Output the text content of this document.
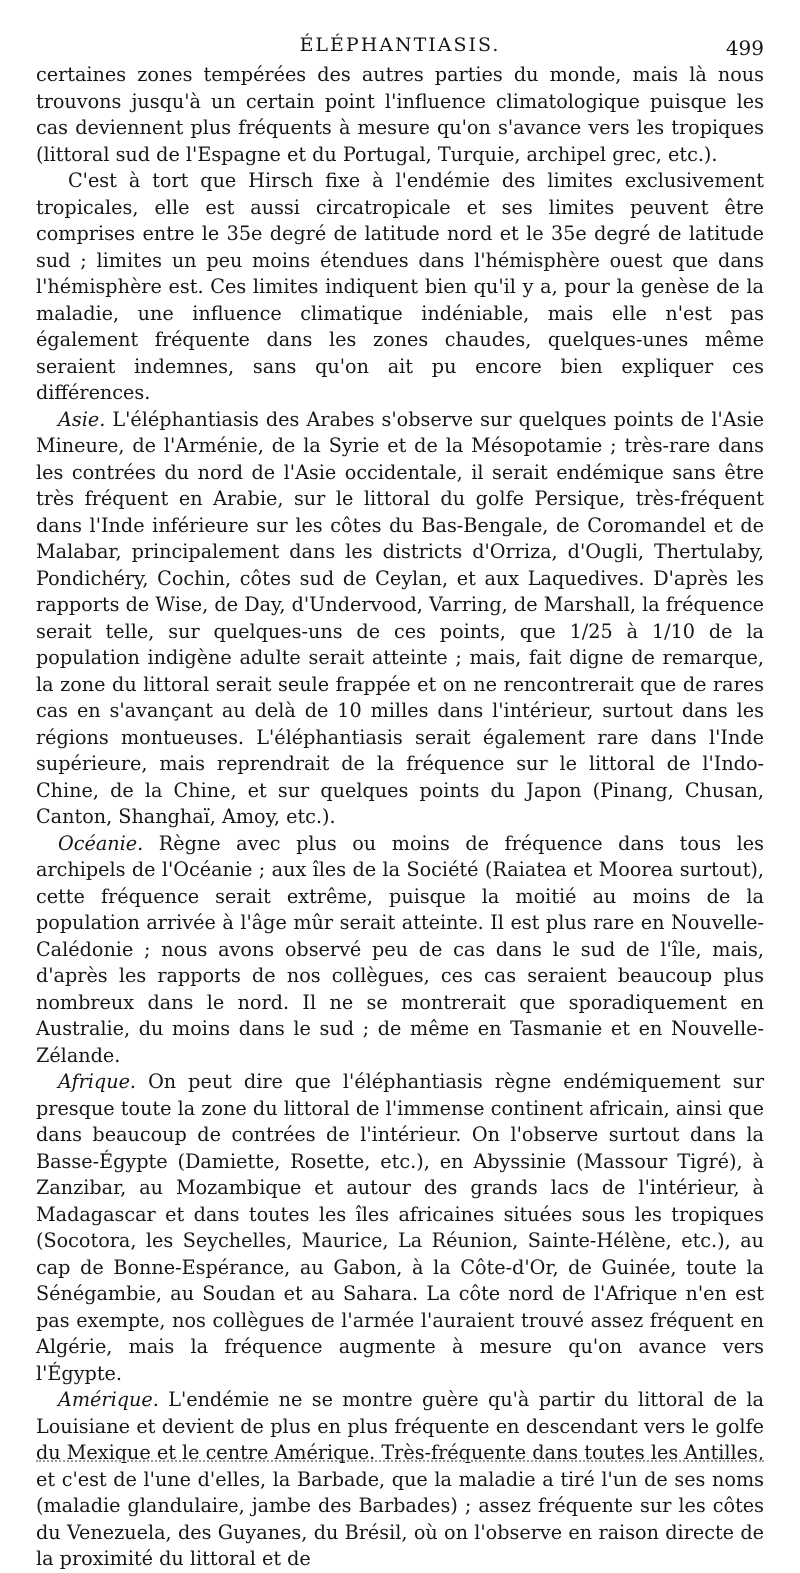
ÉLÉPHANTIASIS.	499

certaines zones tempérées des autres parties du monde, mais là nous trouvons jusqu'à un certain point l'influence climatologique puisque les cas deviennent plus fréquents à mesure qu'on s'avance vers les tropiques (littoral sud de l'Espagne et du Portugal, Turquie, archipel grec, etc.).

C'est à tort que Hirsch fixe à l'endémie des limites exclusivement tropicales, elle est aussi circatropicale et ses limites peuvent être comprises entre le 35e degré de latitude nord et le 35e degré de latitude sud ; limites un peu moins étendues dans l'hémisphère ouest que dans l'hémisphère est. Ces limites indiquent bien qu'il y a, pour la genèse de la maladie, une influence climatique indéniable, mais elle n'est pas également fréquente dans les zones chaudes, quelques-unes même seraient indemnes, sans qu'on ait pu encore bien expliquer ces différences.

Asie. L'éléphantiasis des Arabes s'observe sur quelques points de l'Asie Mineure, de l'Arménie, de la Syrie et de la Mésopotamie ; très-rare dans les contrées du nord de l'Asie occidentale, il serait endémique sans être très fréquent en Arabie, sur le littoral du golfe Persique, très-fréquent dans l'Inde inférieure sur les côtes du Bas-Bengale, de Coromandel et de Malabar, principalement dans les districts d'Orriza, d'Ougli, Thertulaby, Pondichéry, Cochin, côtes sud de Ceylan, et aux Laquedives. D'après les rapports de Wise, de Day, d'Undervood, Varring, de Marshall, la fréquence serait telle, sur quelques-uns de ces points, que 1/25 à 1/10 de la population indigène adulte serait atteinte ; mais, fait digne de remarque, la zone du littoral serait seule frappée et on ne rencontrerait que de rares cas en s'avançant au delà de 10 milles dans l'intérieur, surtout dans les régions montueuses. L'éléphantiasis serait également rare dans l'Inde supérieure, mais reprendrait de la fréquence sur le littoral de l'Indo-Chine, de la Chine, et sur quelques points du Japon (Pinang, Chusan, Canton, Shanghaï, Amoy, etc.).

Océanie. Règne avec plus ou moins de fréquence dans tous les archipels de l'Océanie ; aux îles de la Société (Raiatea et Moorea surtout), cette fréquence serait extrême, puisque la moitié au moins de la population arrivée à l'âge mûr serait atteinte. Il est plus rare en Nouvelle-Calédonie ; nous avons observé peu de cas dans le sud de l'île, mais, d'après les rapports de nos collègues, ces cas seraient beaucoup plus nombreux dans le nord. Il ne se montrerait que sporadiquement en Australie, du moins dans le sud ; de même en Tasmanie et en Nouvelle-Zélande.

Afrique. On peut dire que l'éléphantiasis règne endémiquement sur presque toute la zone du littoral de l'immense continent africain, ainsi que dans beaucoup de contrées de l'intérieur. On l'observe surtout dans la Basse-Égypte (Damiette, Rosette, etc.), en Abyssinie (Massour Tigré), à Zanzibar, au Mozambique et autour des grands lacs de l'intérieur, à Madagascar et dans toutes les îles africaines situées sous les tropiques (Socotora, les Seychelles, Maurice, La Réunion, Sainte-Hélène, etc.), au cap de Bonne-Espérance, au Gabon, à la Côte-d'Or, de Guinée, toute la Sénégambie, au Soudan et au Sahara. La côte nord de l'Afrique n'en est pas exempte, nos collègues de l'armée l'auraient trouvé assez fréquent en Algérie, mais la fréquence augmente à mesure qu'on avance vers l'Égypte.

Amérique. L'endémie ne se montre guère qu'à partir du littoral de la Louisiane et devient de plus en plus fréquente en descendant vers le golfe du Mexique et le centre Amérique. Très-fréquente dans toutes les Antilles, et c'est de l'une d'elles, la Barbade, que la maladie a tiré l'un de ses noms (maladie glandulaire, jambe des Barbades) ; assez fréquente sur les côtes du Venezuela, des Guyanes, du Brésil, où on l'observe en raison directe de la proximité du littoral et de
